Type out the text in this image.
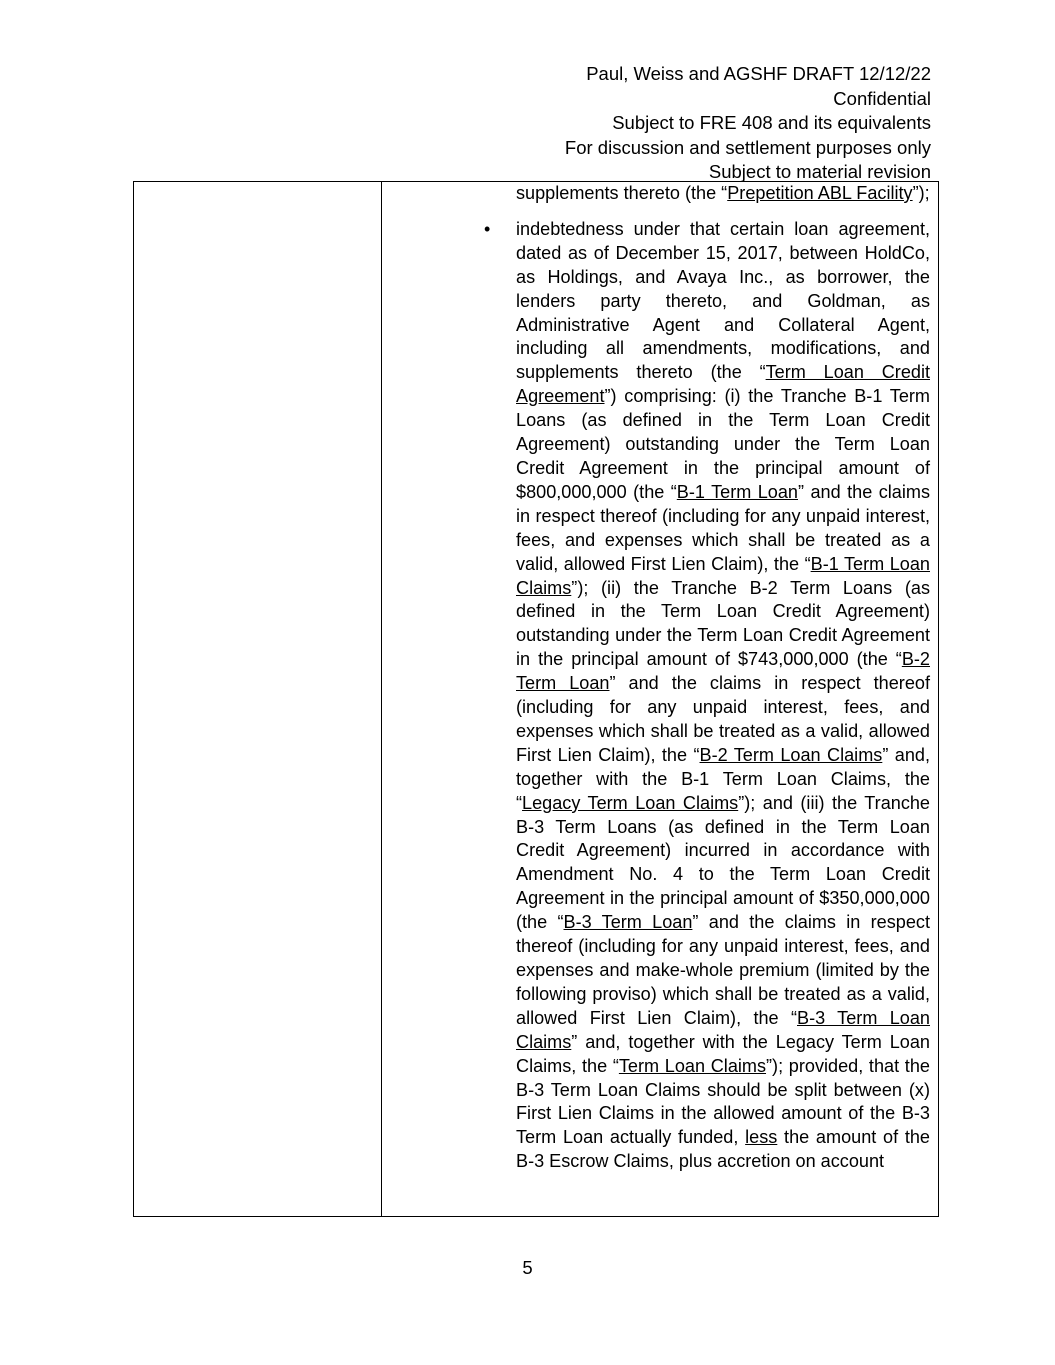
Paul, Weiss and AGSHF DRAFT 12/12/22
Confidential
Subject to FRE 408 and its equivalents
For discussion and settlement purposes only
Subject to material revision

supplements thereto (the “Prepetition ABL Facility”);

• indebtedness under that certain loan agreement, dated as of December 15, 2017, between HoldCo, as Holdings, and Avaya Inc., as borrower, the lenders party thereto, and Goldman, as Administrative Agent and Collateral Agent, including all amendments, modifications, and supplements thereto (the “Term Loan Credit Agreement”) comprising: (i) the Tranche B-1 Term Loans (as defined in the Term Loan Credit Agreement) outstanding under the Term Loan Credit Agreement in the principal amount of $800,000,000 (the “B-1 Term Loan” and the claims in respect thereof (including for any unpaid interest, fees, and expenses which shall be treated as a valid, allowed First Lien Claim), the “B-1 Term Loan Claims”); (ii) the Tranche B-2 Term Loans (as defined in the Term Loan Credit Agreement) outstanding under the Term Loan Credit Agreement in the principal amount of $743,000,000 (the “B-2 Term Loan” and the claims in respect thereof (including for any unpaid interest, fees, and expenses which shall be treated as a valid, allowed First Lien Claim), the “B-2 Term Loan Claims” and, together with the B-1 Term Loan Claims, the “Legacy Term Loan Claims”); and (iii) the Tranche B-3 Term Loans (as defined in the Term Loan Credit Agreement) incurred in accordance with Amendment No. 4 to the Term Loan Credit Agreement in the principal amount of $350,000,000 (the “B-3 Term Loan” and the claims in respect thereof (including for any unpaid interest, fees, and expenses and make-whole premium (limited by the following proviso) which shall be treated as a valid, allowed First Lien Claim), the “B-3 Term Loan Claims” and, together with the Legacy Term Loan Claims, the “Term Loan Claims”); provided, that the B-3 Term Loan Claims should be split between (x) First Lien Claims in the allowed amount of the B-3 Term Loan actually funded, less the amount of the B-3 Escrow Claims, plus accretion on account

5
